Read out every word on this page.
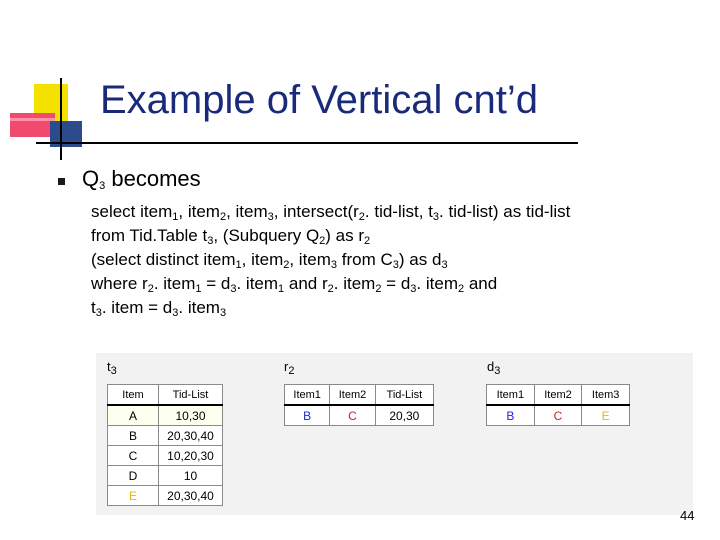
Example of Vertical cnt’d
$Q_3$ becomes
select item$_1$, item$_2$, item$_3$, $intersect(r_2$. tid-list, $t_3$. tid-list) as tid-list
from Tid.Table $t_3$, (Subquery $Q_2$) as $r_2$
(select distinct item$_1$, item$_2$, item$_3$ from $C_3$) as $d_3$
where $r_2$. item$_1$ = $d_3$. item$_1$ and $r_2$. item$_2$ = $d_3$. item$_2$ and
$t_3$. item = $d_3$. item$_3$
$t_3$
Item	Tid-List
A	10,30
B	20,30,40
C	10,20,30
D	10
E	20,30,40
$r_2$
Item1	Item2	Tid-List
B	C	20,30
$d_3$
Item1	Item2	Item3
B	C	E
44
